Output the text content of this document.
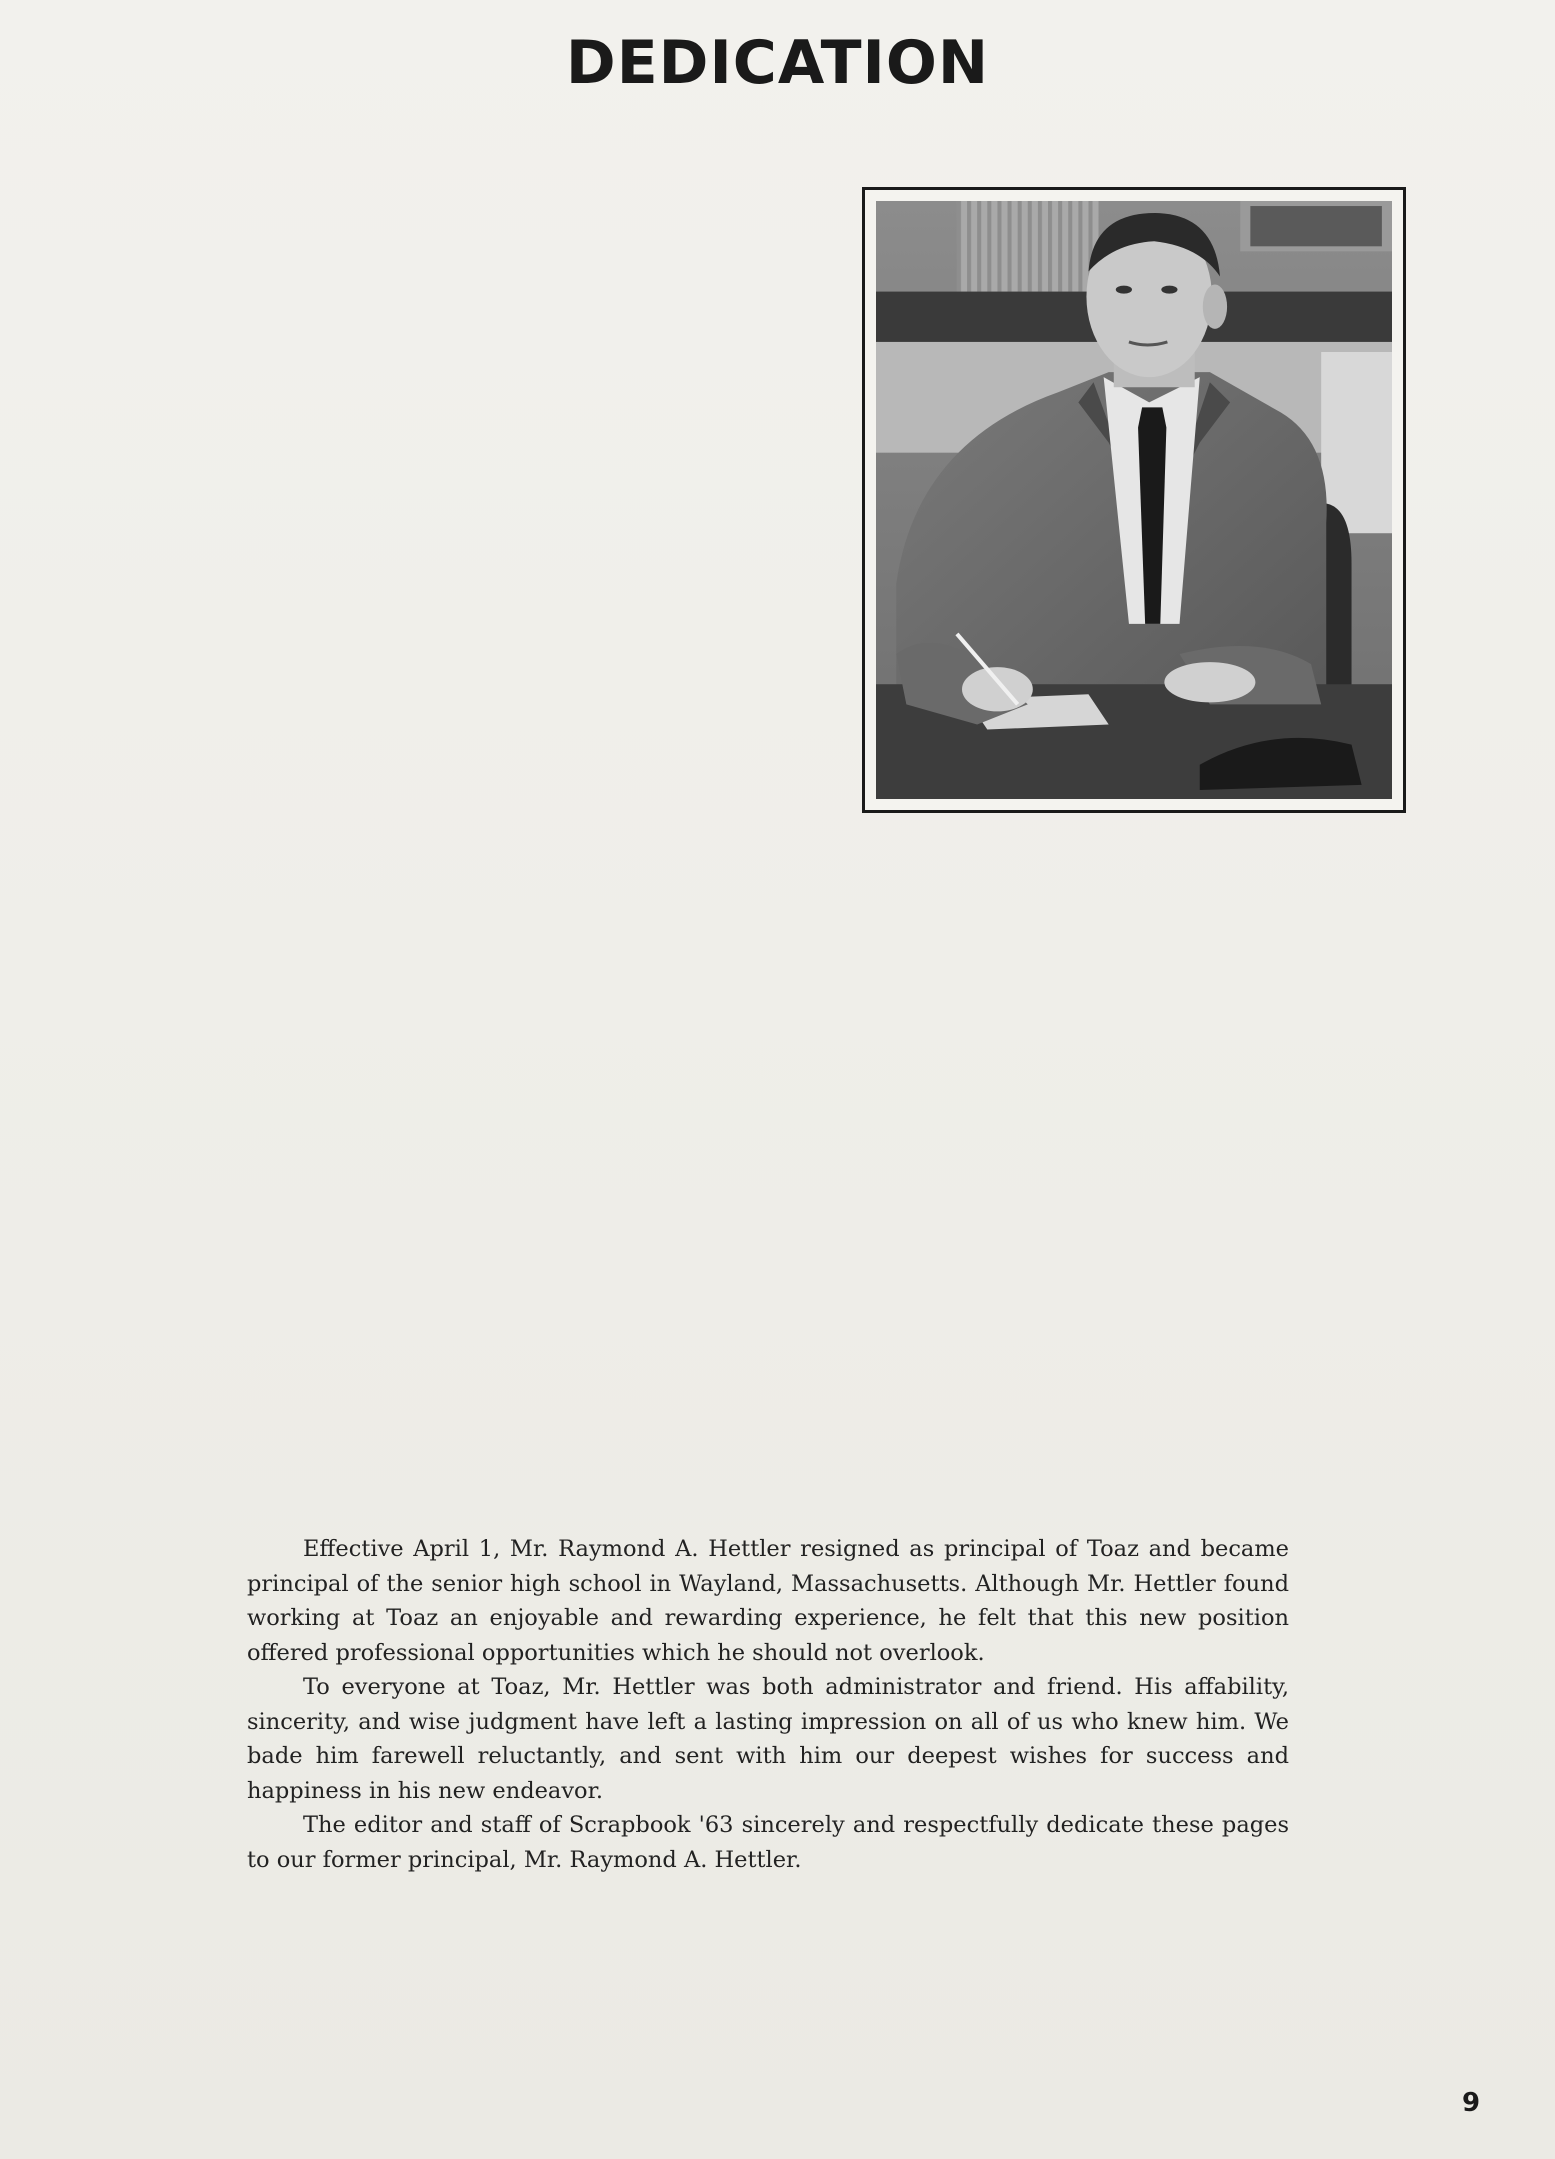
DEDICATION

Effective April 1, Mr. Raymond A. Hettler resigned as principal of Toaz and became principal of the senior high school in Wayland, Massachusetts. Although Mr. Hettler found working at Toaz an enjoyable and rewarding experience, he felt that this new position offered professional opportunities which he should not overlook.

To everyone at Toaz, Mr. Hettler was both administrator and friend. His affability, sincerity, and wise judgment have left a lasting impression on all of us who knew him. We bade him farewell reluctantly, and sent with him our deepest wishes for success and happiness in his new endeavor.

The editor and staff of Scrapbook '63 sincerely and respectfully dedicate these pages to our former principal, Mr. Raymond A. Hettler.

9
